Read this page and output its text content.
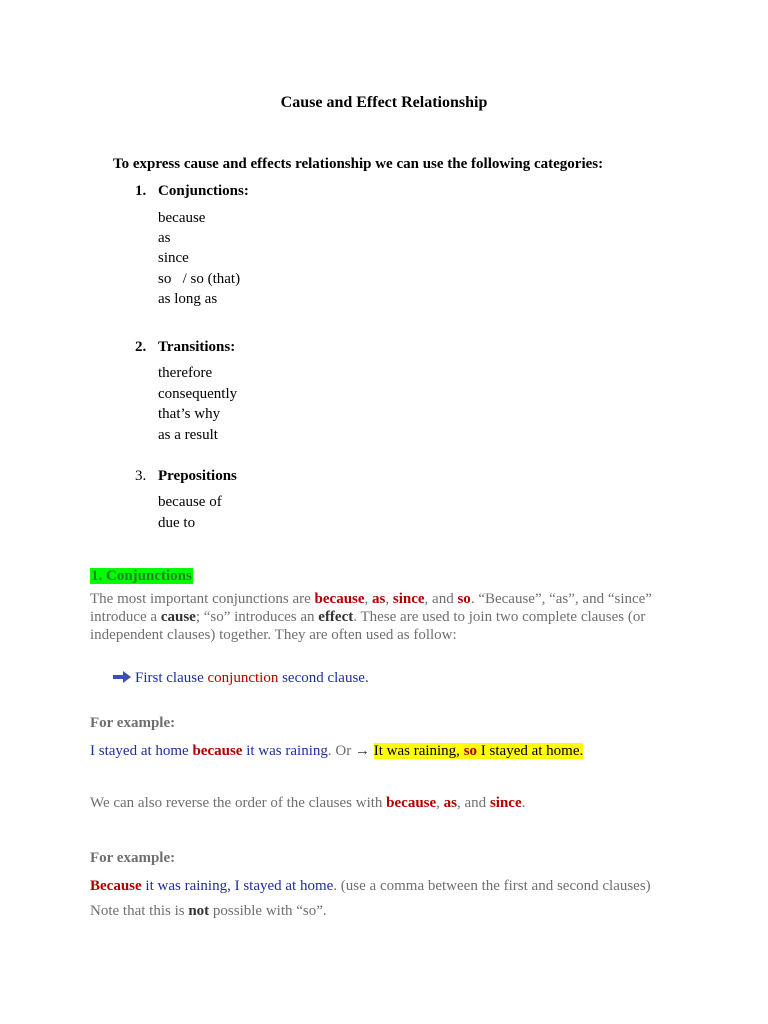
Cause and Effect Relationship
To express cause and effects relationship we can use the following categories:
1. Conjunctions:
because
as
since
so   / so (that)
as long as
2. Transitions:
therefore
consequently
that’s why
as a result
3. Prepositions
because of
due to
1. Conjunctions
The most important conjunctions are because, as, since, and so. “Because”, “as”, and “since” introduce a cause; “so” introduces an effect. These are used to join two complete clauses (or independent clauses) together. They are often used as follow:
First clause conjunction second clause.
For example:
I stayed at home because it was raining. Or → It was raining, so I stayed at home.
We can also reverse the order of the clauses with because, as, and since.
For example:
Because it was raining, I stayed at home. (use a comma between the first and second clauses)
Note that this is not possible with “so”.
